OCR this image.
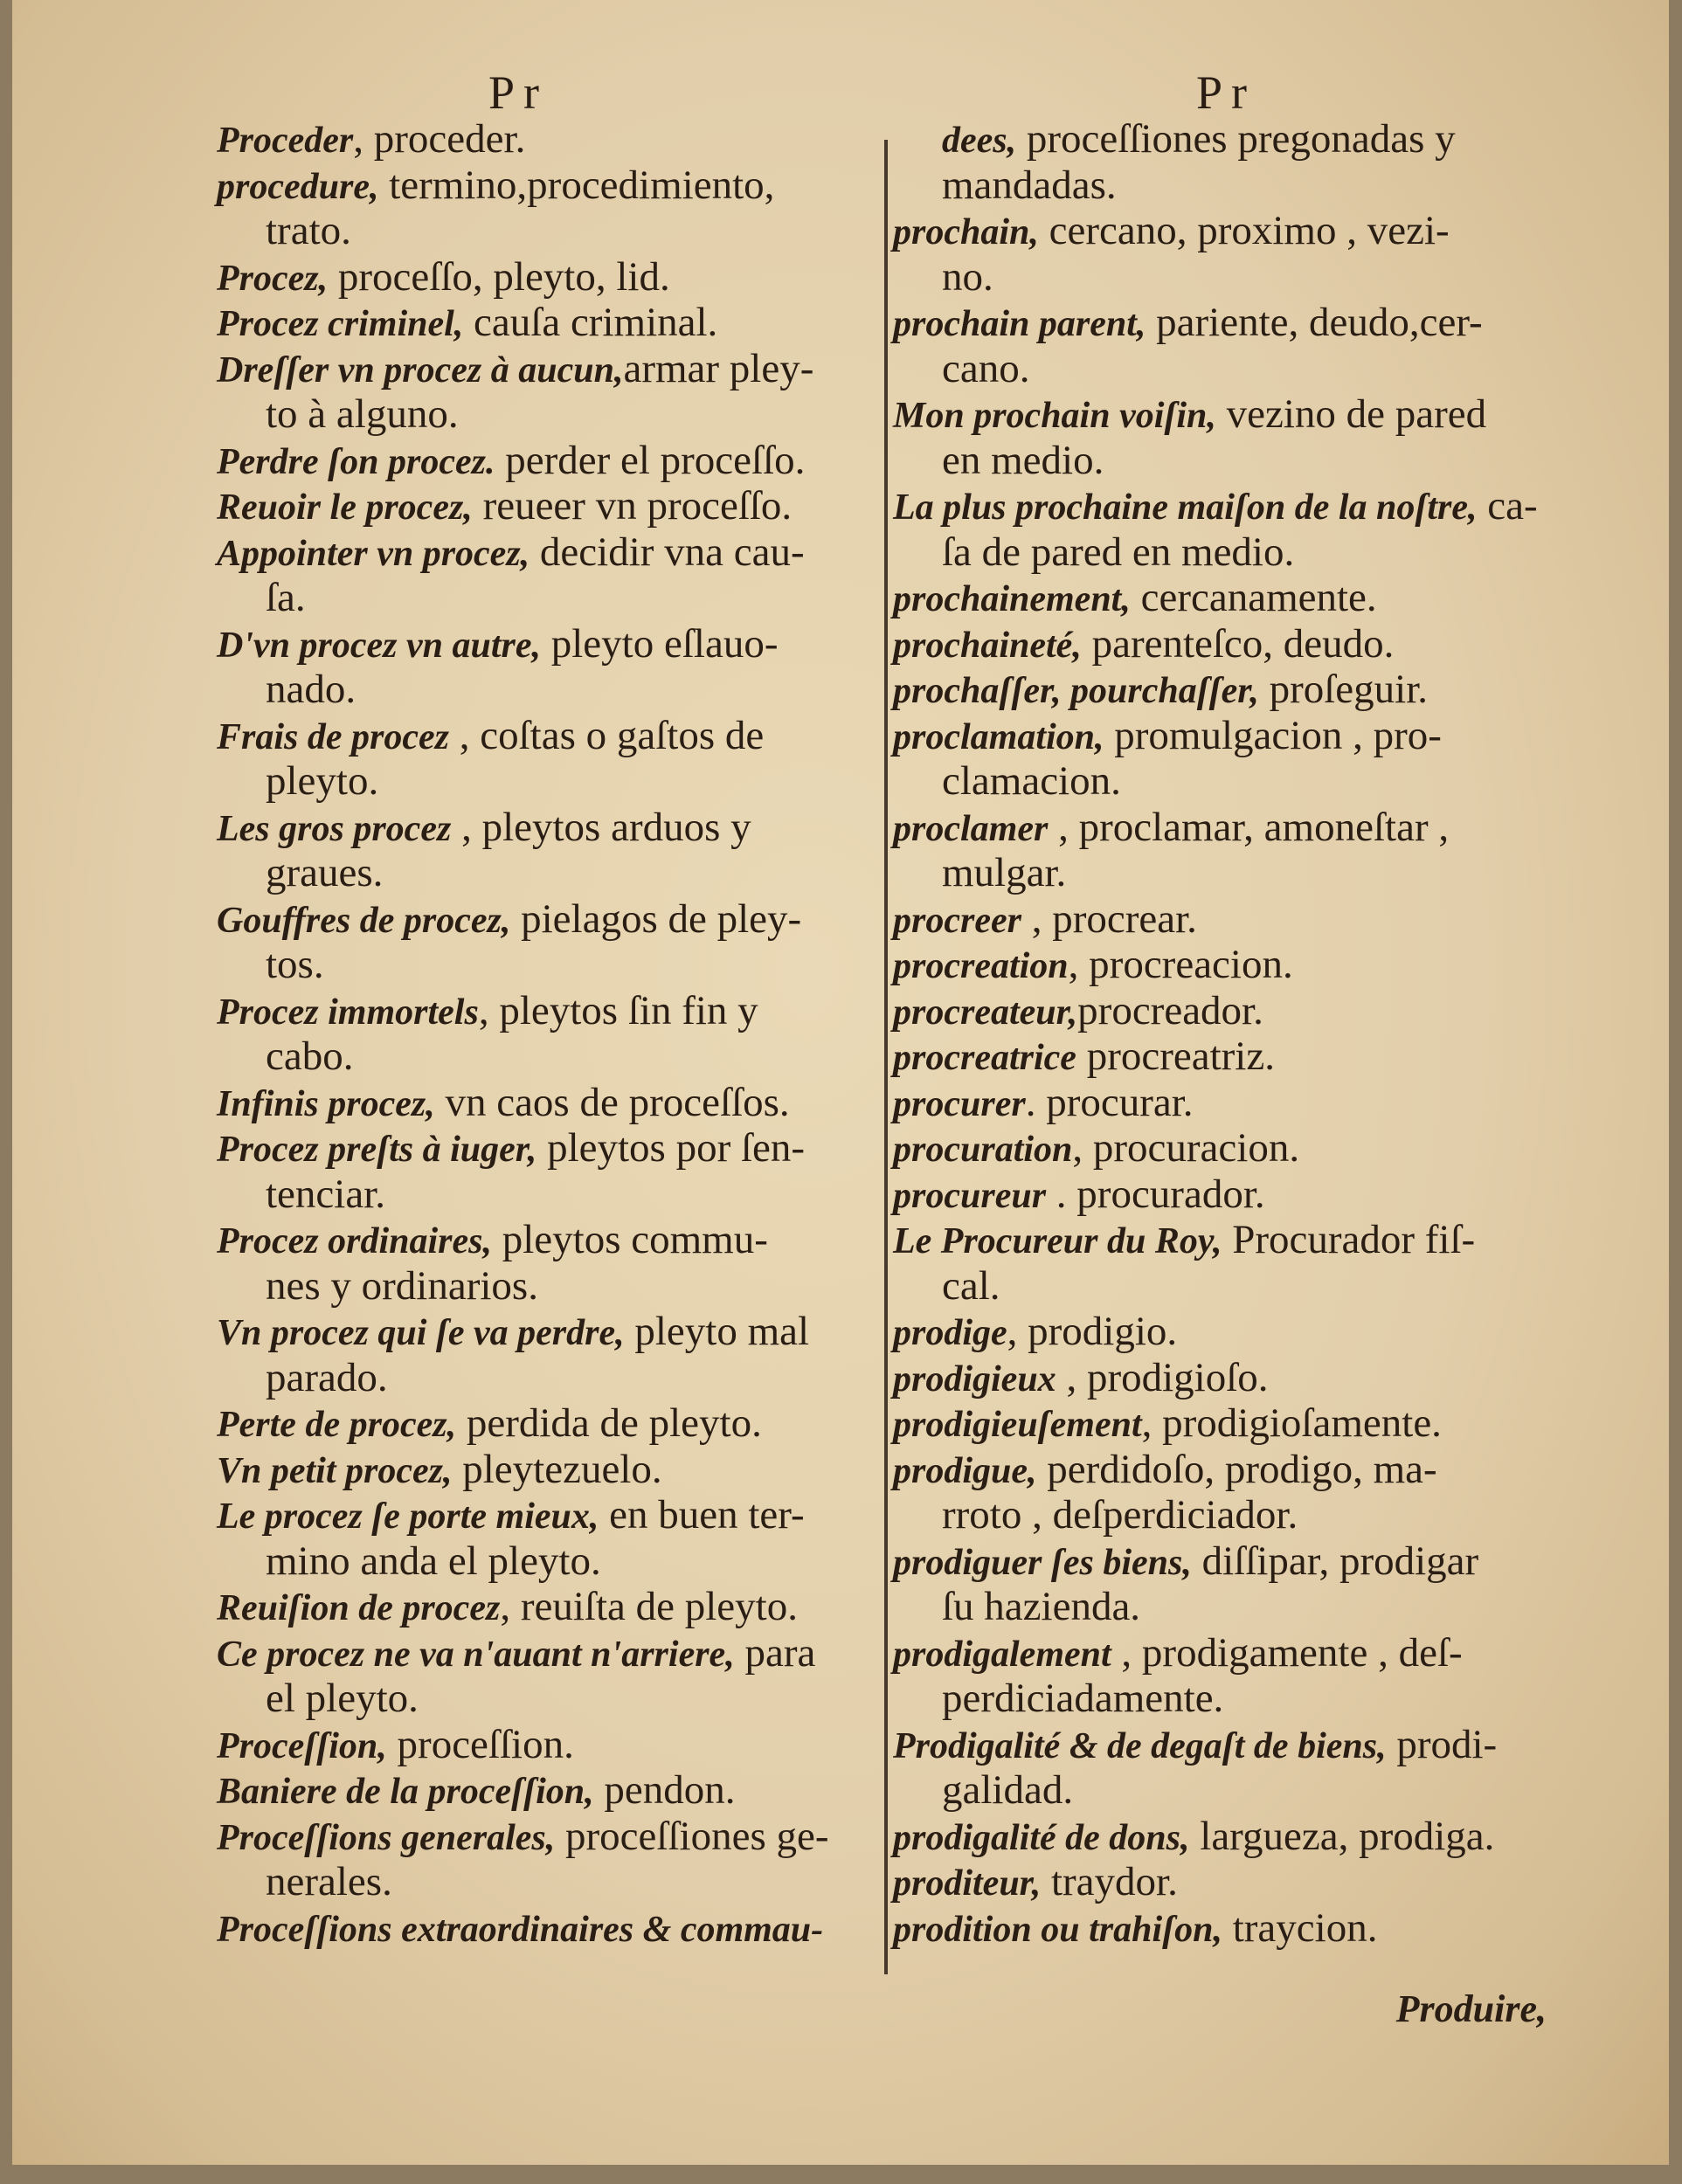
Pr	Pr
Proceder, proceder.
procedure, termino,procedimiento,
trato.
Procez, proceſſo, pleyto, lid.
Procez criminel, cauſa criminal.
Dreſſer vn procez à aucun,armar pley-
to à alguno.
Perdre ſon procez. perder el proceſſo.
Reuoir le procez, reueer vn proceſſo.
Appointer vn procez, decidir vna cau-
ſa.
D'vn procez vn autre, pleyto eſlauo-
nado.
Frais de procez , coſtas o gaſtos de
pleyto.
Les gros procez , pleytos arduos y
graues.
Gouffres de procez, pielagos de pley-
tos.
Procez immortels, pleytos ſin fin y
cabo.
Infinis procez, vn caos de proceſſos.
Procez preſts à iuger, pleytos por ſen-
tenciar.
Procez ordinaires, pleytos commu-
nes y ordinarios.
Vn procez qui ſe va perdre, pleyto mal
parado.
Perte de procez, perdida de pleyto.
Vn petit procez, pleytezuelo.
Le procez ſe porte mieux, en buen ter-
mino anda el pleyto.
Reuiſion de procez, reuiſta de pleyto.
Ce procez ne va n'auant n'arriere, para
el pleyto.
Proceſſion, proceſſion.
Baniere de la proceſſion, pendon.
Proceſſions generales, proceſſiones ge-
nerales.
Proceſſions extraordinaires & commau-
dees, proceſſiones pregonadas y
mandadas.
prochain, cercano, proximo , vezi-
no.
prochain parent, pariente, deudo,cer-
cano.
Mon prochain voiſin, vezino de pared
en medio.
La plus prochaine maiſon de la noſtre, ca-
ſa de pared en medio.
prochainement, cercanamente.
prochaineté, parenteſco, deudo.
prochaſſer, pourchaſſer, proſeguir.
proclamation, promulgacion , pro-
clamacion.
proclamer , proclamar, amoneſtar ,
mulgar.
procreer , procrear.
procreation, procreacion.
procreateur,procreador.
procreatrice procreatriz.
procurer. procurar.
procuration, procuracion.
procureur . procurador.
Le Procureur du Roy, Procurador fiſ-
cal.
prodige, prodigio.
prodigieux , prodigioſo.
prodigieuſement, prodigioſamente.
prodigue, perdidoſo, prodigo, ma-
rroto , deſperdiciador.
prodiguer ſes biens, diſſipar, prodigar
ſu hazienda.
prodigalement , prodigamente , deſ-
perdiciadamente.
Prodigalité & de degaſt de biens, prodi-
galidad.
prodigalité de dons, largueza, prodiga.
proditeur, traydor.
prodition ou trahiſon, traycion.
Produire,
